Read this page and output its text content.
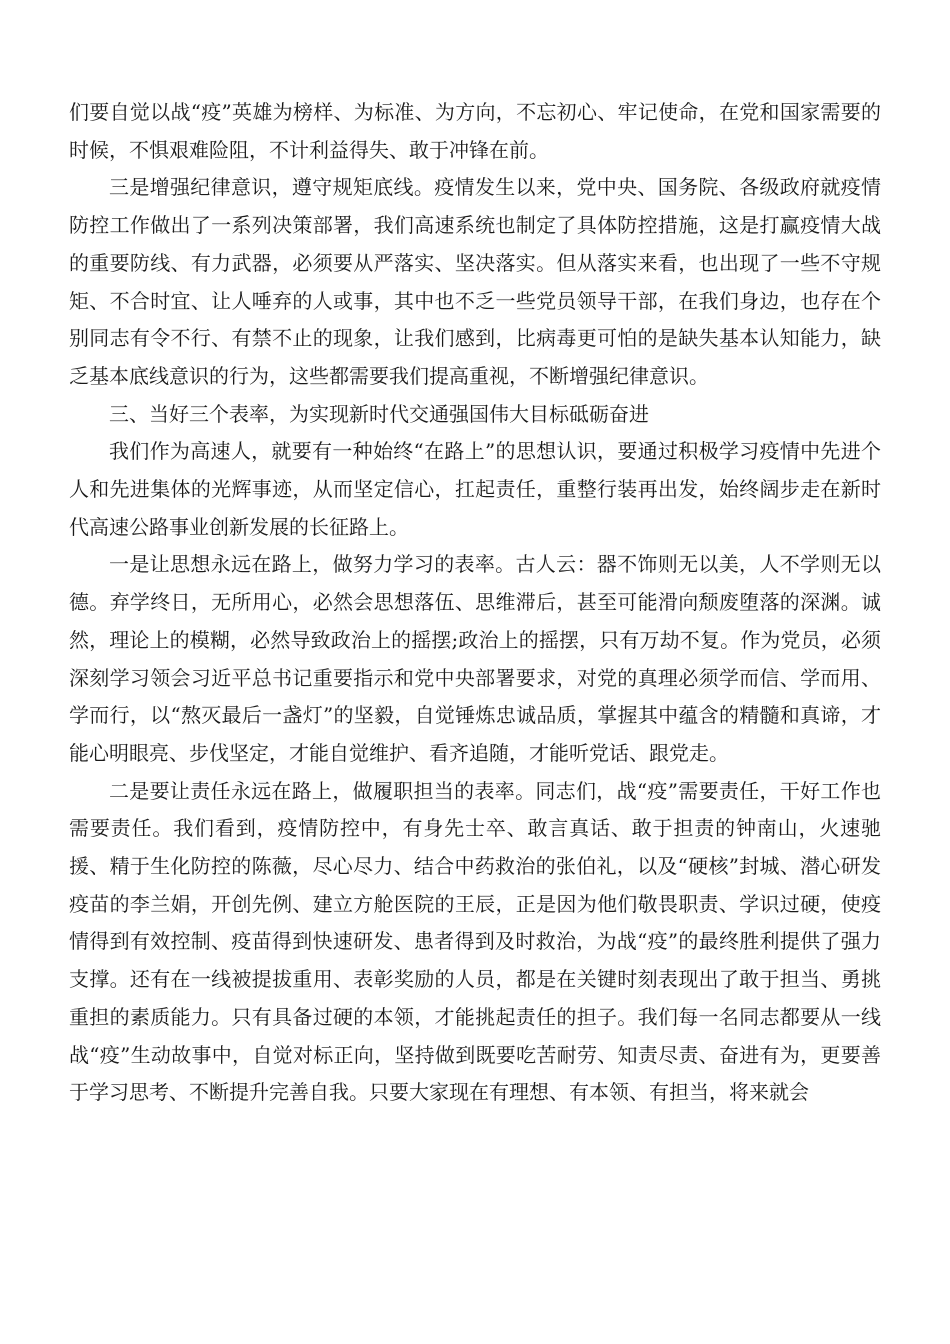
们要自觉以战“疫”英雄为榜样、为标准、为方向，不忘初心、牢记使命，在党和国家需要的时候，不惧艰难险阻，不计利益得失、敢于冲锋在前。

三是增强纪律意识，遵守规矩底线。疫情发生以来，党中央、国务院、各级政府就疫情防控工作做出了一系列决策部署，我们高速系统也制定了具体防控措施，这是打赢疫情大战的重要防线、有力武器，必须要从严落实、坚决落实。但从落实来看，也出现了一些不守规矩、不合时宜、让人唾弃的人或事，其中也不乏一些党员领导干部，在我们身边，也存在个别同志有令不行、有禁不止的现象，让我们感到，比病毒更可怕的是缺失基本认知能力，缺乏基本底线意识的行为，这些都需要我们提高重视，不断增强纪律意识。

三、当好三个表率，为实现新时代交通强国伟大目标砥砺奋进

我们作为高速人，就要有一种始终“在路上”的思想认识，要通过积极学习疫情中先进个人和先进集体的光辉事迹，从而坚定信心，扛起责任，重整行装再出发，始终阔步走在新时代高速公路事业创新发展的长征路上。

一是让思想永远在路上，做努力学习的表率。古人云：器不饰则无以美，人不学则无以德。弃学终日，无所用心，必然会思想落伍、思维滞后，甚至可能滑向颓废堕落的深渊。诚然，理论上的模糊，必然导致政治上的摇摆;政治上的摇摆，只有万劫不复。作为党员，必须深刻学习领会习近平总书记重要指示和党中央部署要求，对党的真理必须学而信、学而用、学而行，以“熬灭最后一盏灯”的坚毅，自觉锤炼忠诚品质，掌握其中蕴含的精髓和真谛，才能心明眼亮、步伐坚定，才能自觉维护、看齐追随，才能听党话、跟党走。

二是要让责任永远在路上，做履职担当的表率。同志们，战“疫”需要责任，干好工作也需要责任。我们看到，疫情防控中，有身先士卒、敢言真话、敢于担责的钟南山，火速驰援、精于生化防控的陈薇，尽心尽力、结合中药救治的张伯礼，以及“硬核”封城、潜心研发疫苗的李兰娟，开创先例、建立方舱医院的王辰，正是因为他们敬畏职责、学识过硬，使疫情得到有效控制、疫苗得到快速研发、患者得到及时救治，为战“疫”的最终胜利提供了强力支撑。还有在一线被提拔重用、表彰奖励的人员，都是在关键时刻表现出了敢于担当、勇挑重担的素质能力。只有具备过硬的本领，才能挑起责任的担子。我们每一名同志都要从一线战“疫”生动故事中，自觉对标正向，坚持做到既要吃苦耐劳、知责尽责、奋进有为，更要善于学习思考、不断提升完善自我。只要大家现在有理想、有本领、有担当，将来就会
